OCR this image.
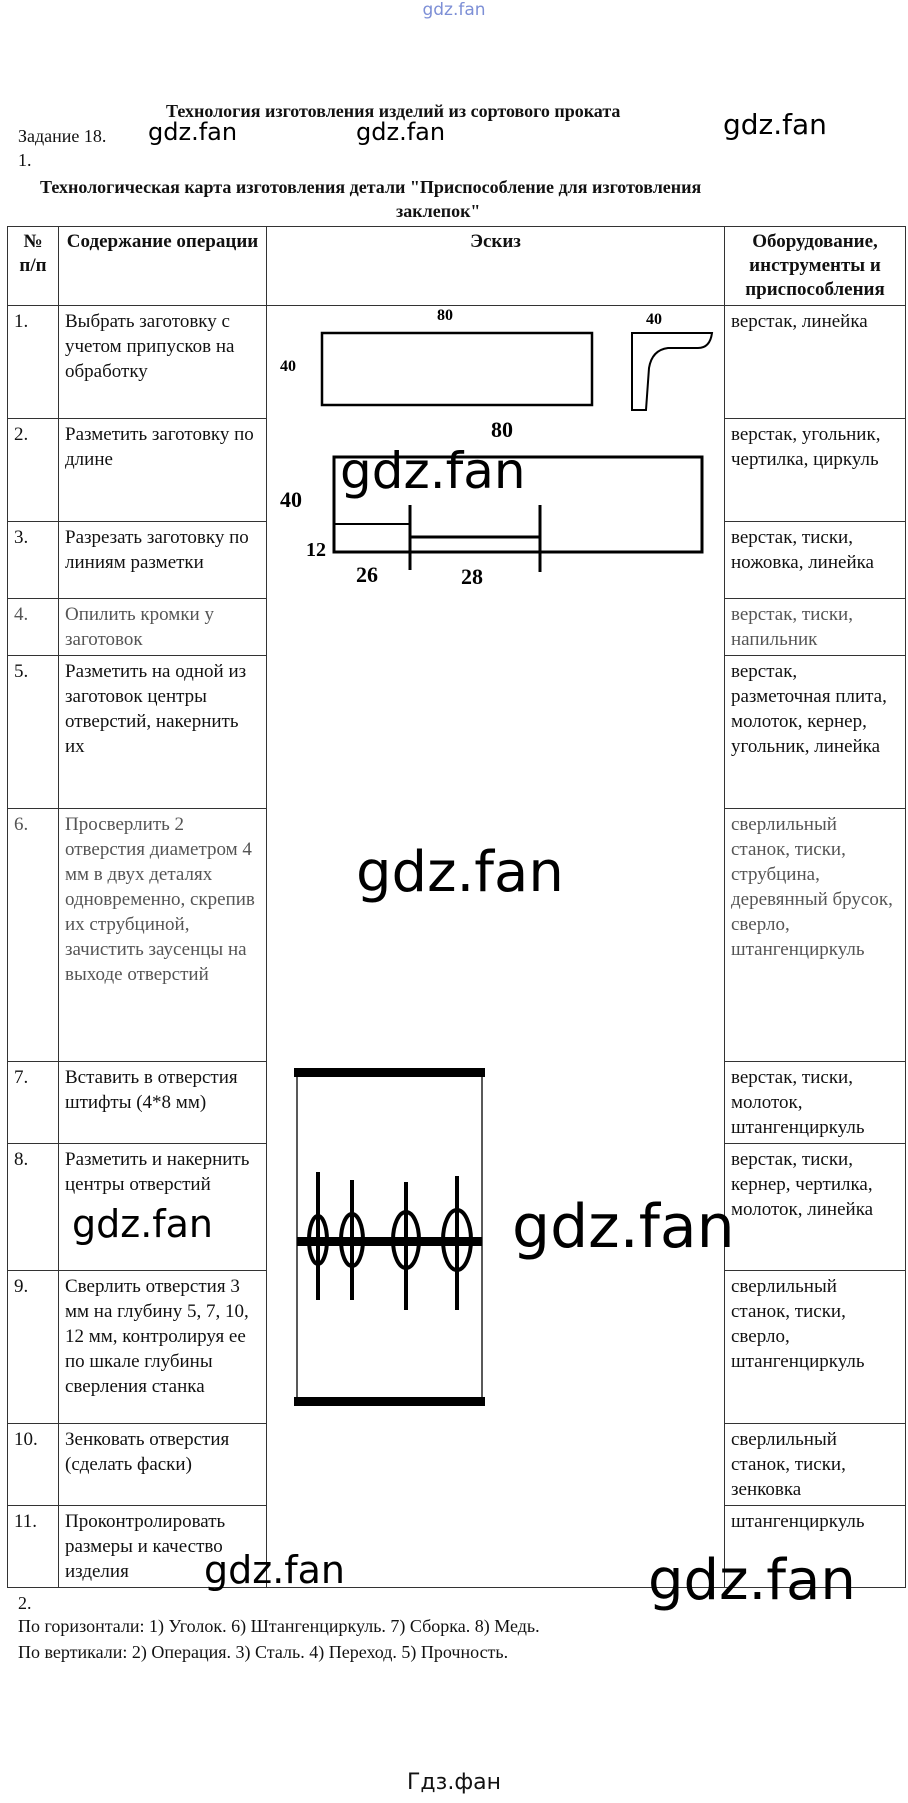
gdz.fan
Технология изготовления изделий из сортового проката
Задание 18.
1.
Технологическая карта изготовления детали "Приспособление для изготовления
заклепок"
№ п/п	Содержание операции	Эскиз	Оборудование, инструменты и приспособления
1.	Выбрать заготовку с учетом припусков на обработку		верстак, линейка
2.	Разметить заготовку по длине		верстак, угольник, чертилка, циркуль
3.	Разрезать заготовку по линиям разметки		верстак, тиски, ножовка, линейка
4.	Опилить кромки у заготовок		верстак, тиски, напильник
5.	Разметить на одной из заготовок центры отверстий, накернить их		верстак, разметочная плита, молоток, кернер, угольник, линейка
6.	Просверлить 2 отверстия диаметром 4 мм в двух деталях одновременно, скрепив их струбциной, зачистить заусенцы на выходе отверстий		сверлильный станок, тиски, струбцина, деревянный брусок, сверло, штангенциркуль
7.	Вставить в отверстия штифты (4*8 мм)		верстак, тиски, молоток, штангенциркуль
8.	Разметить и накернить центры отверстий		верстак, тиски, кернер, чертилка, молоток, линейка
9.	Сверлить отверстия 3 мм на глубину 5, 7, 10, 12 мм, контролируя ее по шкале глубины сверления станка		сверлильный станок, тиски, сверло, штангенциркуль
10.	Зенковать отверстия (сделать фаски)		сверлильный станок, тиски, зенковка
11.	Проконтролировать размеры и качество изделия		штангенциркуль
80
40
40
80
40
12
26	28
2.
По горизонтали: 1) Уголок. 6) Штангенциркуль. 7) Сборка. 8) Медь.
По вертикали: 2) Операция. 3) Сталь. 4) Переход. 5) Прочность.
gdz.fan	gdz.fan	gdz.fan
gdz.fan
gdz.fan
gdz.fan	gdz.fan
gdz.fan	gdz.fan
Гдз.фан
